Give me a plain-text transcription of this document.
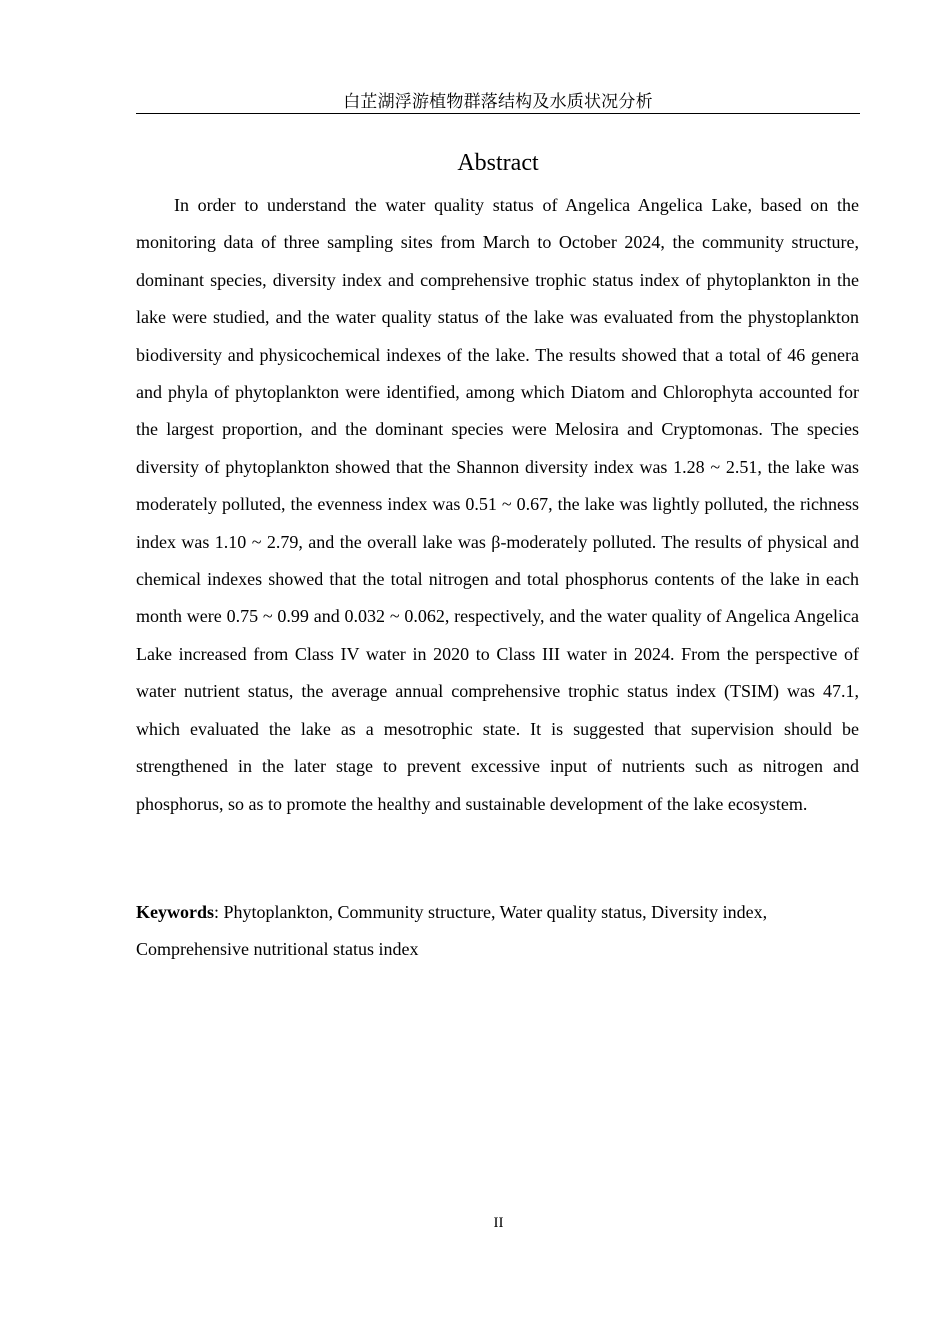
白芷湖浮游植物群落结构及水质状况分析
Abstract

In order to understand the water quality status of Angelica Angelica Lake, based on the monitoring data of three sampling sites from March to October 2024, the community structure, dominant species, diversity index and comprehensive trophic status index of phytoplankton in the lake were studied, and the water quality status of the lake was evaluated from the phystoplankton biodiversity and physicochemical indexes of the lake. The results showed that a total of 46 genera and phyla of phytoplankton were identified, among which Diatom and Chlorophyta accounted for the largest proportion, and the dominant species were Melosira and Cryptomonas. The species diversity of phytoplankton showed that the Shannon diversity index was 1.28 ~ 2.51, the lake was moderately polluted, the evenness index was 0.51 ~ 0.67, the lake was lightly polluted, the richness index was 1.10 ~ 2.79, and the overall lake was β-moderately polluted. The results of physical and chemical indexes showed that the total nitrogen and total phosphorus contents of the lake in each month were 0.75 ~ 0.99 and 0.032 ~ 0.062, respectively, and the water quality of Angelica Angelica Lake increased from Class IV water in 2020 to Class III water in 2024. From the perspective of water nutrient status, the average annual comprehensive trophic status index (TSIM) was 47.1, which evaluated the lake as a mesotrophic state. It is suggested that supervision should be strengthened in the later stage to prevent excessive input of nutrients such as nitrogen and phosphorus, so as to promote the healthy and sustainable development of the lake ecosystem.

Keywords: Phytoplankton, Community structure, Water quality status, Diversity index, Comprehensive nutritional status index

II
